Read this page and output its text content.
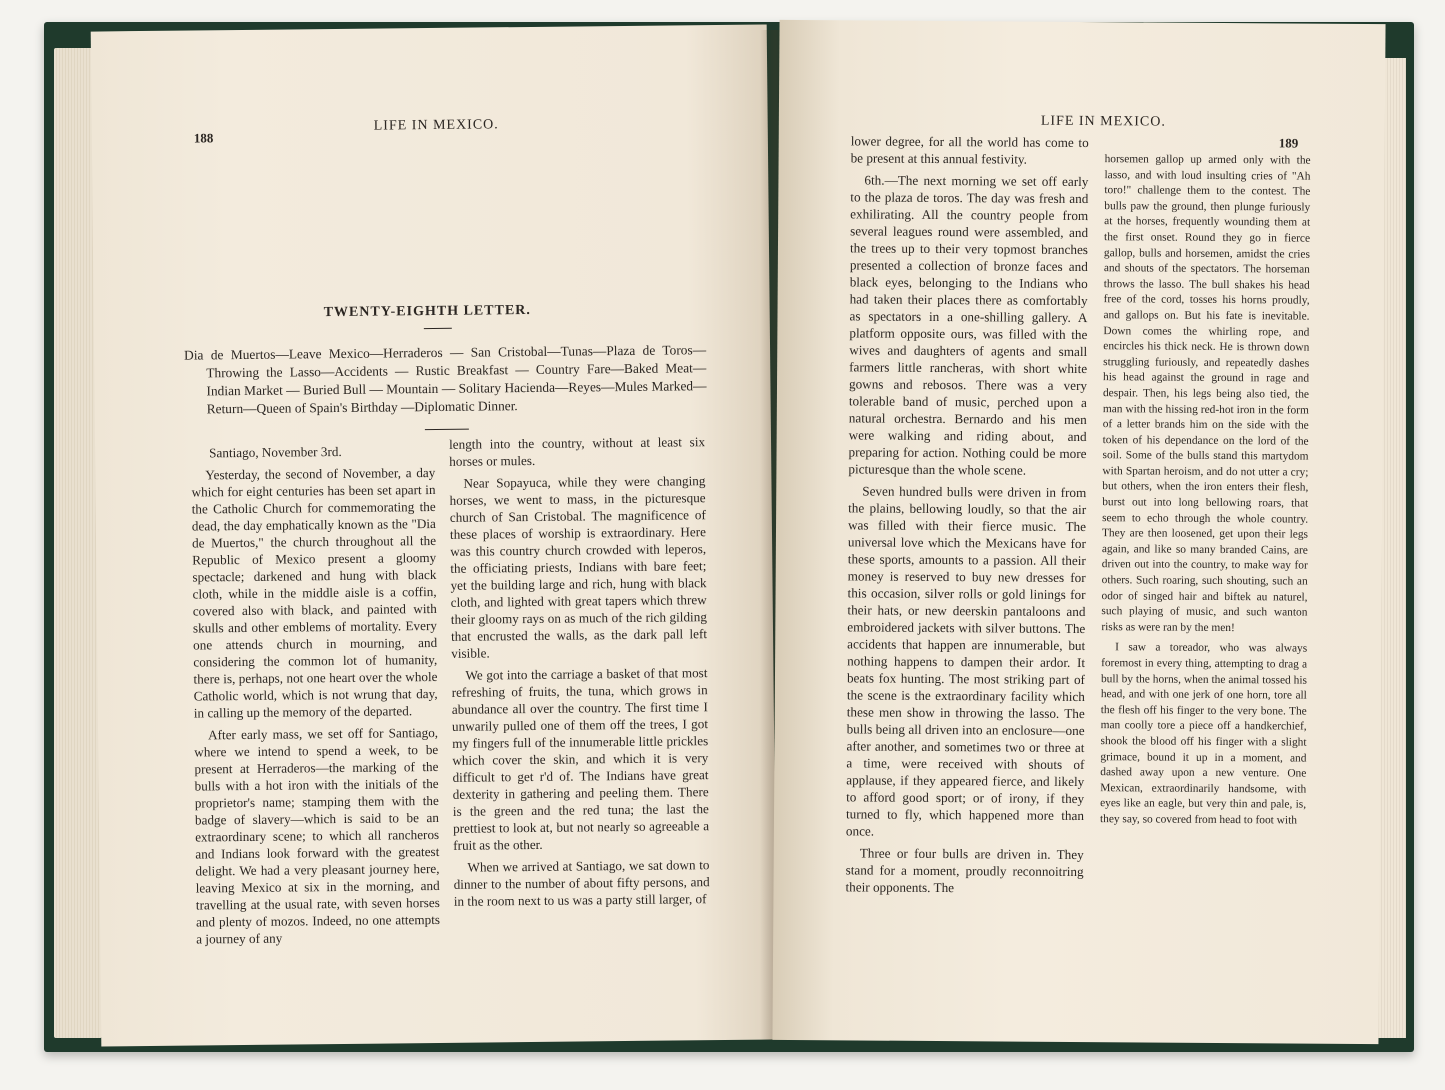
188
LIFE IN MEXICO.
TWENTY-EIGHTH LETTER.
Dia de Muertos—Leave Mexico—Herraderos — San Cristobal—Tunas—Plaza de Toros—Throwing the Lasso—Accidents — Rustic Breakfast — Country Fare—Baked Meat—Indian Market — Buried Bull — Mountain — Solitary Hacienda—Reyes—Mules Marked—Return—Queen of Spain's Birthday —Diplomatic Dinner.

Santiago, November 3rd.

Yesterday, the second of November, a day which for eight centuries has been set apart in the Catholic Church for commemorating the dead, the day emphatically known as the "Dia de Muertos," the church throughout all the Republic of Mexico present a gloomy spectacle; darkened and hung with black cloth, while in the middle aisle is a coffin, covered also with black, and painted with skulls and other emblems of mortality. Every one attends church in mourning, and considering the common lot of humanity, there is, perhaps, not one heart over the whole Catholic world, which is not wrung that day, in calling up the memory of the departed.

After early mass, we set off for Santiago, where we intend to spend a week, to be present at Herraderos—the marking of the bulls with a hot iron with the initials of the proprietor's name; stamping them with the badge of slavery—which is said to be an extraordinary scene; to which all rancheros and Indians look forward with the greatest delight. We had a very pleasant journey here, leaving Mexico at six in the morning, and travelling at the usual rate, with seven horses and plenty of mozos. Indeed, no one attempts a journey of any

length into the country, without at least six horses or mules.

Near Sopayuca, while they were changing horses, we went to mass, in the picturesque church of San Cristobal. The magnificence of these places of worship is extraordinary. Here was this country church crowded with leperos, the officiating priests, Indians with bare feet; yet the building large and rich, hung with black cloth, and lighted with great tapers which threw their gloomy rays on as much of the rich gilding that encrusted the walls, as the dark pall left visible.

We got into the carriage a basket of that most refreshing of fruits, the tuna, which grows in abundance all over the country. The first time I unwarily pulled one of them off the trees, I got my fingers full of the innumerable little prickles which cover the skin, and which it is very difficult to get r'd of. The Indians have great dexterity in gathering and peeling them. There is the green and the red tuna; the last the prettiest to look at, but not nearly so agreeable a fruit as the other.

When we arrived at Santiago, we sat down to dinner to the number of about fifty persons, and in the room next to us was a party still larger, of

LIFE IN MEXICO.
189

lower degree, for all the world has come to be present at this annual festivity.

6th.—The next morning we set off early to the plaza de toros. The day was fresh and exhilirating. All the country people from several leagues round were assembled, and the trees up to their very topmost branches presented a collection of bronze faces and black eyes, belonging to the Indians who had taken their places there as comfortably as spectators in a one-shilling gallery. A platform opposite ours, was filled with the wives and daughters of agents and small farmers little rancheras, with short white gowns and rebosos. There was a very tolerable band of music, perched upon a natural orchestra. Bernardo and his men were walking and riding about, and preparing for action. Nothing could be more picturesque than the whole scene.

Seven hundred bulls were driven in from the plains, bellowing loudly, so that the air was filled with their fierce music. The universal love which the Mexicans have for these sports, amounts to a passion. All their money is reserved to buy new dresses for this occasion, silver rolls or gold linings for their hats, or new deerskin pantaloons and embroidered jackets with silver buttons. The accidents that happen are innumerable, but nothing happens to dampen their ardor. It beats fox hunting. The most striking part of the scene is the extraordinary facility which these men show in throwing the lasso. The bulls being all driven into an enclosure—one after another, and sometimes two or three at a time, were received with shouts of applause, if they appeared fierce, and likely to afford good sport; or of irony, if they turned to fly, which happened more than once.

Three or four bulls are driven in. They stand for a moment, proudly reconnoitring their opponents. The

horsemen gallop up armed only with the lasso, and with loud insulting cries of "Ah toro!" challenge them to the contest. The bulls paw the ground, then plunge furiously at the horses, frequently wounding them at the first onset. Round they go in fierce gallop, bulls and horsemen, amidst the cries and shouts of the spectators. The horseman throws the lasso. The bull shakes his head free of the cord, tosses his horns proudly, and gallops on. But his fate is inevitable. Down comes the whirling rope, and encircles his thick neck. He is thrown down struggling furiously, and repeatedly dashes his head against the ground in rage and despair. Then, his legs being also tied, the man with the hissing red-hot iron in the form of a letter brands him on the side with the token of his dependance on the lord of the soil. Some of the bulls stand this martydom with Spartan heroism, and do not utter a cry; but others, when the iron enters their flesh, burst out into long bellowing roars, that seem to echo through the whole country. They are then loosened, get upon their legs again, and like so many branded Cains, are driven out into the country, to make way for others. Such roaring, such shouting, such an odor of singed hair and biftek au naturel, such playing of music, and such wanton risks as were ran by the men!

I saw a toreador, who was always foremost in every thing, attempting to drag a bull by the horns, when the animal tossed his head, and with one jerk of one horn, tore all the flesh off his finger to the very bone. The man coolly tore a piece off a handkerchief, shook the blood off his finger with a slight grimace, bound it up in a moment, and dashed away upon a new venture. One Mexican, extraordinarily handsome, with eyes like an eagle, but very thin and pale, is, they say, so covered from head to foot with
